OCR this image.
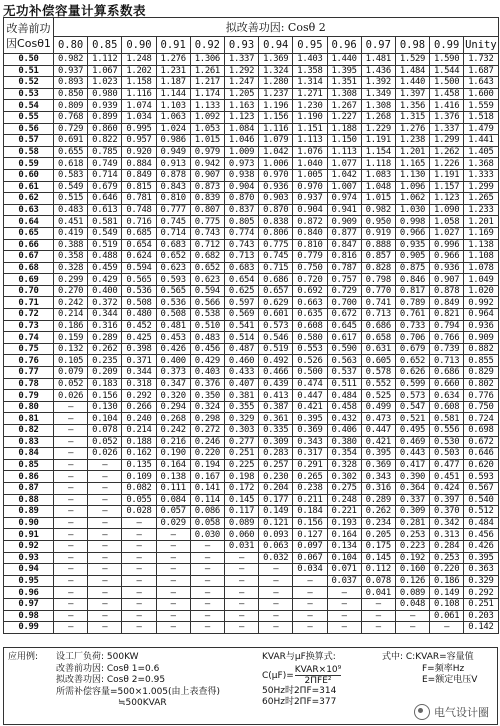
无功补偿容量计算系数表
改善前功
因Cosθ1	拟改善功因: Cosθ 2												
	0.80	0.85	0.90	0.91	0.92	0.93	0.94	0.95	0.96	0.97	0.98	0.99	Unity
0.50	0.982	1.112	1.248	1.276	1.306	1.337	1.369	1.403	1.440	1.481	1.529	1.590	1.732
0.51	0.937	1.067	1.202	1.231	1.261	1.292	1.324	1.358	1.395	1.436	1.484	1.544	1.687
0.52	0.893	1.023	1.158	1.187	1.217	1.247	1.280	1.314	1.351	1.392	1.440	1.500	1.643
0.53	0.850	0.980	1.116	1.144	1.174	1.205	1.237	1.271	1.308	1.349	1.397	1.458	1.600
0.54	0.809	0.939	1.074	1.103	1.133	1.163	1.196	1.230	1.267	1.308	1.356	1.416	1.559
0.55	0.768	0.899	1.034	1.063	1.092	1.123	1.156	1.190	1.227	1.268	1.315	1.376	1.518
0.56	0.729	0.860	0.995	1.024	1.053	1.084	1.116	1.151	1.188	1.229	1.276	1.337	1.479
0.57	0.691	0.822	0.957	0.986	1.015	1.046	1.079	1.113	1.150	1.191	1.238	1.299	1.441
0.58	0.655	0.785	0.920	0.949	0.979	1.009	1.042	1.076	1.113	1.154	1.201	1.262	1.405
0.59	0.618	0.749	0.884	0.913	0.942	0.973	1.006	1.040	1.077	1.118	1.165	1.226	1.368
0.60	0.583	0.714	0.849	0.878	0.907	0.938	0.970	1.005	1.042	1.083	1.130	1.191	1.333
0.61	0.549	0.679	0.815	0.843	0.873	0.904	0.936	0.970	1.007	1.048	1.096	1.157	1.299
0.62	0.515	0.646	0.781	0.810	0.839	0.870	0.903	0.937	0.974	1.015	1.062	1.123	1.265
0.63	0.483	0.613	0.748	0.777	0.807	0.837	0.870	0.904	0.941	0.982	1.030	1.090	1.233
0.64	0.451	0.581	0.716	0.745	0.775	0.805	0.838	0.872	0.909	0.950	0.998	1.058	1.201
0.65	0.419	0.549	0.685	0.714	0.743	0.774	0.806	0.840	0.877	0.919	0.966	1.027	1.169
0.66	0.388	0.519	0.654	0.683	0.712	0.743	0.775	0.810	0.847	0.888	0.935	0.996	1.138
0.67	0.358	0.488	0.624	0.652	0.682	0.713	0.745	0.779	0.816	0.857	0.905	0.966	1.108
0.68	0.328	0.459	0.594	0.623	0.652	0.683	0.715	0.750	0.787	0.828	0.875	0.936	1.078
0.69	0.299	0.429	0.565	0.593	0.623	0.654	0.686	0.720	0.757	0.798	0.846	0.907	1.049
0.70	0.270	0.400	0.536	0.565	0.594	0.625	0.657	0.692	0.729	0.770	0.817	0.878	1.020
0.71	0.242	0.372	0.508	0.536	0.566	0.597	0.629	0.663	0.700	0.741	0.789	0.849	0.992
0.72	0.214	0.344	0.480	0.508	0.538	0.569	0.601	0.635	0.672	0.713	0.761	0.821	0.964
0.73	0.186	0.316	0.452	0.481	0.510	0.541	0.573	0.608	0.645	0.686	0.733	0.794	0.936
0.74	0.159	0.289	0.425	0.453	0.483	0.514	0.546	0.580	0.617	0.658	0.706	0.766	0.909
0.75	0.132	0.262	0.398	0.426	0.456	0.487	0.519	0.553	0.590	0.631	0.679	0.739	0.882
0.76	0.105	0.235	0.371	0.400	0.429	0.460	0.492	0.526	0.563	0.605	0.652	0.713	0.855
0.77	0.079	0.209	0.344	0.373	0.403	0.433	0.466	0.500	0.537	0.578	0.626	0.686	0.829
0.78	0.052	0.183	0.318	0.347	0.376	0.407	0.439	0.474	0.511	0.552	0.599	0.660	0.802
0.79	0.026	0.156	0.292	0.320	0.350	0.381	0.413	0.447	0.484	0.525	0.573	0.634	0.776
0.80	–	0.130	0.266	0.294	0.324	0.355	0.387	0.421	0.458	0.499	0.547	0.608	0.750
0.81	–	0.104	0.240	0.268	0.298	0.329	0.361	0.395	0.432	0.473	0.521	0.581	0.724
0.82	–	0.078	0.214	0.242	0.272	0.303	0.335	0.369	0.406	0.447	0.495	0.556	0.698
0.83	–	0.052	0.188	0.216	0.246	0.277	0.309	0.343	0.380	0.421	0.469	0.530	0.672
0.84	–	0.026	0.162	0.190	0.220	0.251	0.283	0.317	0.354	0.395	0.443	0.503	0.646
0.85	–	–	0.135	0.164	0.194	0.225	0.257	0.291	0.328	0.369	0.417	0.477	0.620
0.86	–	–	0.109	0.138	0.167	0.198	0.230	0.265	0.302	0.343	0.390	0.451	0.593
0.87	–	–	0.082	0.111	0.141	0.172	0.204	0.238	0.275	0.316	0.364	0.424	0.567
0.88	–	–	0.055	0.084	0.114	0.145	0.177	0.211	0.248	0.289	0.337	0.397	0.540
0.89	–	–	0.028	0.057	0.086	0.117	0.149	0.184	0.221	0.262	0.309	0.370	0.512
0.90	–	–	–	0.029	0.058	0.089	0.121	0.156	0.193	0.234	0.281	0.342	0.484
0.91	–	–	–	–	0.030	0.060	0.093	0.127	0.164	0.205	0.253	0.313	0.456
0.92	–	–	–	–	–	0.031	0.063	0.097	0.134	0.175	0.223	0.284	0.426
0.93	–	–	–	–	–	–	0.032	0.067	0.104	0.145	0.192	0.253	0.395
0.94	–	–	–	–	–	–	–	0.034	0.071	0.112	0.160	0.220	0.363
0.95	–	–	–	–	–	–	–	–	0.037	0.078	0.126	0.186	0.329
0.96	–	–	–	–	–	–	–	–	–	0.041	0.089	0.149	0.292
0.97	–	–	–	–	–	–	–	–	–	–	0.048	0.108	0.251
0.98	–	–	–	–	–	–	–	–	–	–	–	0.061	0.203
0.99	–	–	–	–	–	–	–	–	–	–	–	–	0.142
应用例: 设工厂负荷: 500KW
改善前功因: Cosθ 1=0.6
拟改善功因: Cosθ 2=0.95
所需补偿容量=500×1.005(由上表查得)
≒500KVAR
KVAR与μF换算式:
$C(\mu F)= \frac{\text{KVAR×10⁹}}{\text{2ΠFE²}}$
50Hz时2ΠF=314
60Hz时2ΠF=377
式中: C:KVAR=容量值
F=频率Hz
E=额定电压V
电气设计圈
